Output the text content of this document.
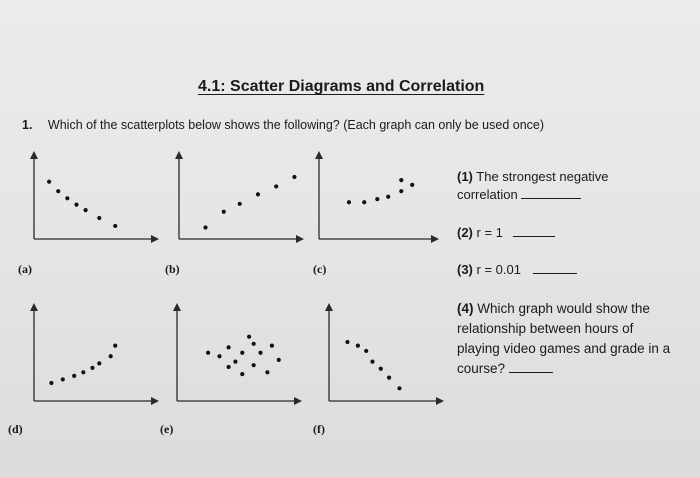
4.1: Scatter Diagrams and Correlation
1. Which of the scatterplots below shows the following? (Each graph can only be used once)
(a)	(b)	(c)
(d)	(e)	(f)
(1) The strongest negative correlation
(2) r = 1
(3) r = 0.01
(4) Which graph would show the relationship between hours of playing video games and grade in a course?
